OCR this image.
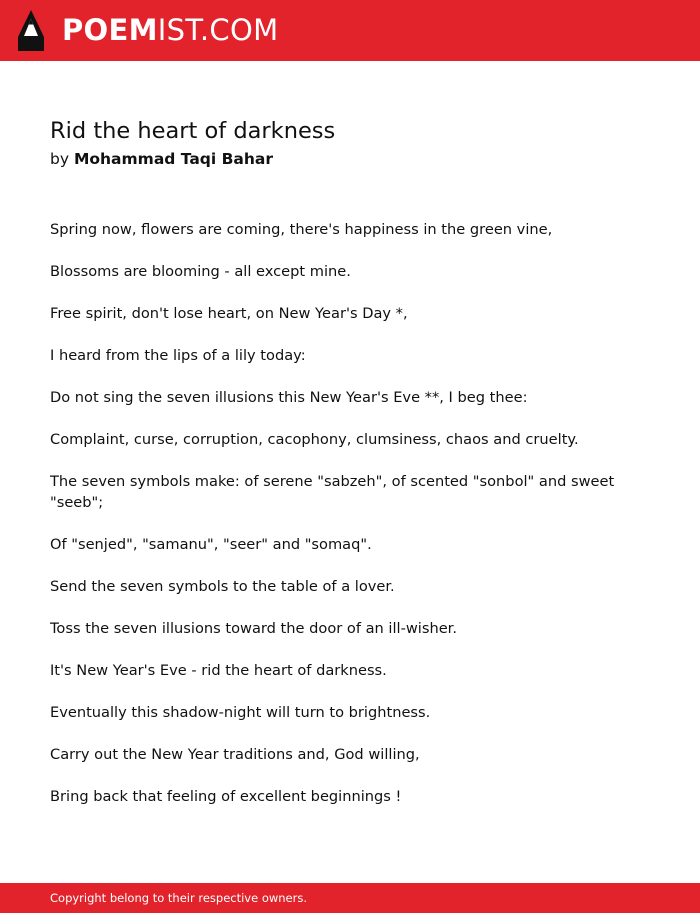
POEMIST.COM
Rid the heart of darkness
by Mohammad Taqi Bahar

Spring now, flowers are coming, there's happiness in the green vine,

Blossoms are blooming - all except mine.

Free spirit, don't lose heart, on New Year's Day *,

I heard from the lips of a lily today:

Do not sing the seven illusions this New Year's Eve **, I beg thee:

Complaint, curse, corruption, cacophony, clumsiness, chaos and cruelty.

The seven symbols make: of serene "sabzeh", of scented "sonbol" and sweet "seeb";

Of "senjed", "samanu", "seer" and "somaq".

Send the seven symbols to the table of a lover.

Toss the seven illusions toward the door of an ill-wisher.

It's New Year's Eve - rid the heart of darkness.

Eventually this shadow-night will turn to brightness.

Carry out the New Year traditions and, God willing,

Bring back that feeling of excellent beginnings !

Copyright belong to their respective owners.
